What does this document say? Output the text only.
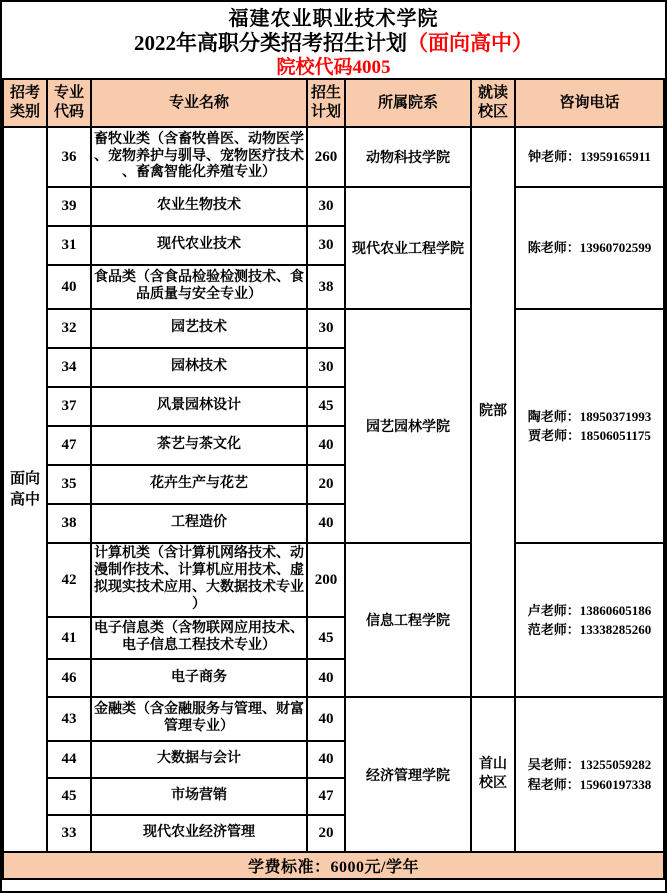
福建农业职业技术学院
2022年高职分类招考招生计划（面向高中）
院校代码4005
招考类别	专业代码	专业名称	招生计划	所属院系	就读校区	咨询电话
面向高中	36	畜牧业类（含畜牧兽医、动物医学、宠物养护与驯导、宠物医疗技术、畜禽智能化养殖专业）	260	动物科技学院	院部	钟老师：13959165911

	39	农业生物技术	30	现代农业工程学院		陈老师：13960702599

	31	现代农业技术	30			
	40	食品类（含食品检验检测技术、食品质量与安全专业）	38			
	32	园艺技术	30	园艺园林学院		陶老师：18950371993
贾老师：18506051175

	34	园林技术	30			
	37	风景园林设计	45			
	47	茶艺与茶文化	40			
	35	花卉生产与花艺	20			
	38	工程造价	40			
	42	计算机类（含计算机网络技术、动漫制作技术、计算机应用技术、虚拟现实技术应用、大数据技术专业）	200	信息工程学院		卢老师：13860605186
范老师：13338285260

	41	电子信息类（含物联网应用技术、电子信息工程技术专业）	45			
	46	电子商务	40			
	43	金融类（含金融服务与管理、财富管理专业）	40	经济管理学院	首山校区	吴老师：13255059282
程老师：15960197338

	44	大数据与会计	40			
	45	市场营销	47			
	33	现代农业经济管理	20			
学费标准：6000元/学年						
